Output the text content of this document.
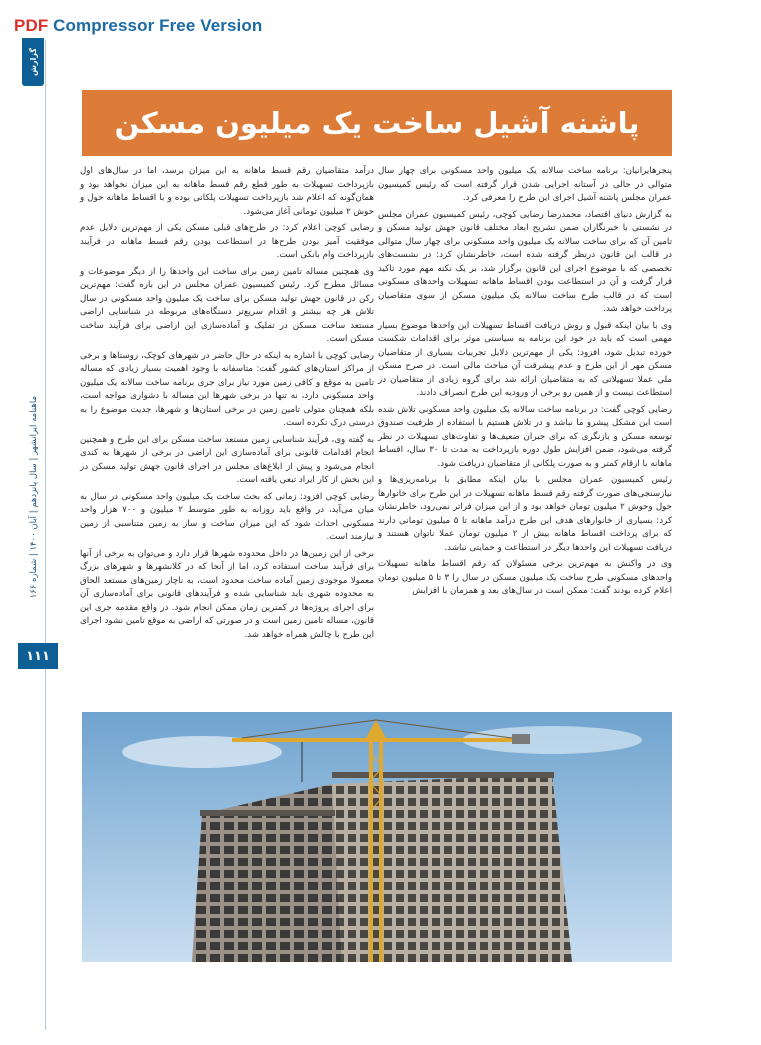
PDF Compressor Free Version
گزارش
ماهنامه ایرانشهر | سال پانزدهم | آبان ۱۴۰۰ | شماره ۱۶۶
۱۱۱
پاشنه آشیل ساخت یک میلیون مسکن

پنجرهایرانیان: برنامه ساخت سالانه یک میلیون واحد مسکونی برای چهار سال متوالی در حالی در آستانه اجرایی شدن قرار گرفته است که رئیس کمیسیون عمران مجلس پاشنه آشیل اجرای این طرح را معرفی کرد.

به گزارش دنیای اقتصاد، محمدرضا رضایی کوچی، رئیس کمیسیون عمران مجلس در نشستی با خبرنگاران ضمن تشریح ابعاد مختلف قانون جهش تولید مسکن و تامین آن که برای ساخت سالانه یک میلیون واحد مسکونی برای چهار سال متوالی در قالب این قانون درنظر گرفته شده است، خاطرنشان کرد: در نشست‌های تخصصی که با موضوع اجرای این قانون برگزار شد، بر یک نکته مهم مورد تاکید قرار گرفت و آن در استطاعت بودن اقساط ماهانه تسهیلات واحدهای مسکونی است که در قالب طرح ساخت سالانه یک میلیون مسکن از سوی متقاضیان پرداخت خواهد شد.

وی با بیان اینکه قبول و روش دریافت اقساط تسهیلات این واحدها موضوع بسیار مهمی است که باید در خود این برنامه به سیاستی موثر برای اقدامات شکست خورده تبدیل شود، افزود: یکی از مهم‌ترین دلایل تجربیات بسیاری از متقاضیان مسکن مهر از این طرح و عدم پیشرفت آن مباحث مالی است. در صرح مسکن ملی عملا تسهیلاتی که به متقاضیان ارائه شد برای گروه زیادی از متقاضیان در استطاعت نیست و از همین رو برخی از ورودیه این طرح انصراف دادند.

رضایی کوچی گفت: در برنامه ساخت سالانه یک میلیون واحد مسکونی تلاش شده است این مشکل پیشرو ما نباشد و در تلاش هستیم با استفاده از ظرفیت صندوق توسعه مسکن و بازنگری که برای جبران ضعیف‌ها و تفاوت‌های تسهیلات در نظر گرفته می‌شود، ضمن افزایش طول دوره بازپرداخت به مدت تا ۳۰ سال، اقساط ماهانه با ارقام کمتر و به صورت پلکانی از متقاضیان دریافت شود.

رئیس کمیسیون عمران مجلس با بیان اینکه مطابق با برنامه‌ریزی‌ها و نیازسنجی‌های صورت گرفته رقم قسط ماهانه تسهیلات در این طرح برای خانوارها حول وحوش ۲ میلیون تومان خواهد بود و از این میزان فراتر نمی‌رود، خاطرنشان کرد: بسیاری از خانوارهای هدف این طرح درآمد ماهانه تا ۵ میلیون تومانی دارند که برای پرداخت اقساط ماهانه بیش از ۲ میلیون تومان عملا ناتوان هستند و دریافت تسهیلات این واحدها دیگر در استطاعت و حمایتی نباشد.

وی در واکنش به مهم‌ترین برخی مسئولان که رقم اقساط ماهانه تسهیلات واحدهای مسکونی طرح ساخت یک میلیون مسکن در سال را ۳ تا ۵ میلیون تومان اعلام کرده بودند گفت: ممکن است در سال‌های بعد و همزمان با افزایش

درآمد متقاضیان رقم قسط ماهانه به این میزان برسد، اما در سال‌های اول بازپرداخت تسهیلات به طور قطع رقم قسط ماهانه به این میزان نخواهد بود و همان‌گونه که اعلام شد بازپرداخت تسهیلات پلکانی بوده و با اقساط ماهانه حول و حوش ۲ میلیون تومانی آغاز می‌شود.

رضایی کوچی اعلام کرد: در طرح‌های قبلی مسکن یکی از مهم‌ترین دلایل عدم موفقیت آمیز بودن طرح‌ها در استطاعت بودن رقم قسط ماهانه در فرآیند بازپرداخت وام بانکی است.

وی همچنین مساله تامین زمین برای ساخت این واحدها را از دیگر موضوعات و مسائل مطرح کرد. رئیس کمیسیون عمران مجلس در این باره گفت: مهم‌ترین رکن در قانون جهش تولید مسکن برای ساخت یک میلیون واحد مسکونی در سال تلاش هر چه بیشتر و اقدام سریع‌تر دستگاه‌های مربوطه در شناسایی اراضی مستعد ساخت مسکن در تملیک و آماده‌سازی این اراضی برای فرآیند ساخت مسکن است.

رضایی کوچی با اشاره به اینکه در حال حاضر در شهرهای کوچک، روستاها و برخی از مراکز استان‌های کشور گفت: متاسفانه با وجود اهمیت بسیار زیادی که مساله تامین به موقع و کافی زمین مورد نیاز برای جری برنامه ساخت سالانه یک میلیون واحد مسکونی دارد، نه تنها در برخی شهرها این مساله با دشواری مواجه است، بلکه همچنان متولی تامین زمین در برخی استان‌ها و شهرها، جدیت موضوع را به درستی درک نکرده است.

به گفته وی، فرآیند شناسایی زمین مستعد ساخت مسکن برای این طرح و همچنین انجام اقدامات قانونی برای آماده‌سازی این اراضی در برخی از شهرها به کندی انجام می‌شود و پیش از ابلاغ‌های مجلس در اجرای قانون جهش تولید مسکن در این بخش از کار ایراد تبعی یافته است.

رضایی کوچی افزود: زمانی که بحث ساخت یک میلیون واحد مسکونی در سال به میان می‌آید، در واقع باید روزانه به طور متوسط ۲ میلیون و ۷۰۰ هزار واحد مسکونی احداث شود که این میزان ساخت و ساز به زمین متناسبی از زمین نیازمند است.

برخی از این زمین‌ها در داخل محدوده شهرها قرار دارد و می‌توان به برخی از آنها برای فرآیند ساخت استفاده کرد، اما از آنجا که در کلانشهرها و شهرهای بزرگ معمولا موجودی زمین آماده ساخت محدود است، به ناچار زمین‌های مستعد الحاق به محدوده شهری باید شناسایی شده و فرآیندهای قانونی برای آماده‌سازی آن برای اجرای پروژه‌ها در کمترین زمان ممکن انجام شود. در واقع مقدمه جری این قانون، مساله تامین زمین است و در صورتی که اراضی به موقع تامین نشود اجرای این طرح با چالش همراه خواهد شد.
